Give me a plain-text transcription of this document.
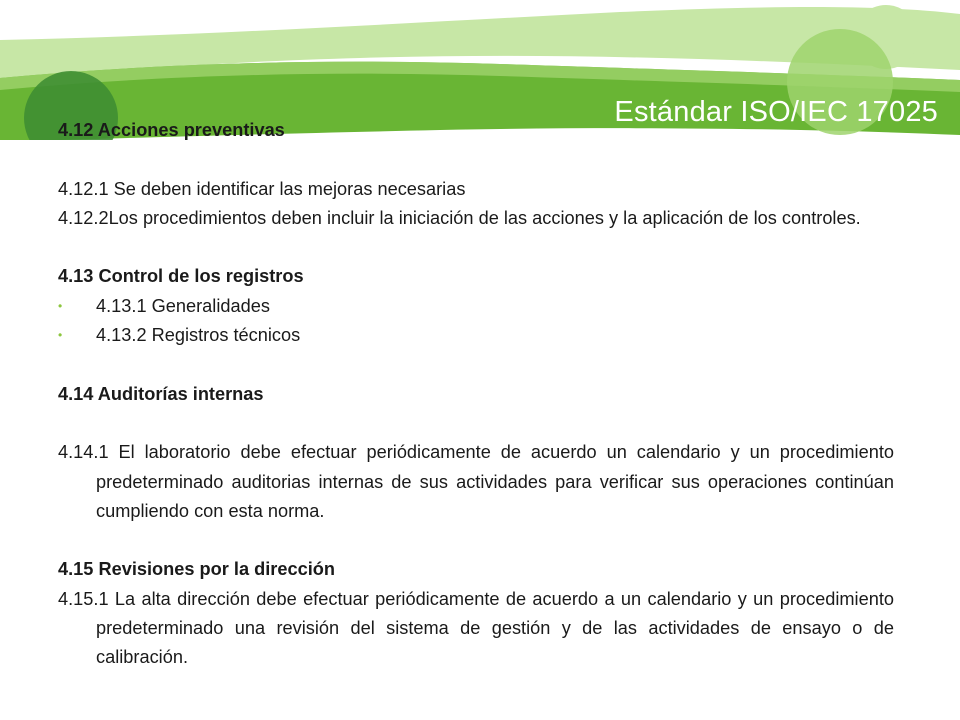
Estándar ISO/IEC 17025
4.12 Acciones preventivas
4.12.1 Se deben identificar las mejoras necesarias
4.12.2Los procedimientos deben incluir la iniciación de las acciones y la aplicación de los controles.
4.13 Control de los registros
•	4.13.1 Generalidades
•	4.13.2 Registros técnicos
4.14 Auditorías internas
4.14.1 El laboratorio debe efectuar periódicamente de acuerdo un calendario y un procedimiento predeterminado auditorias internas de sus actividades para verificar sus operaciones continúan cumpliendo con esta norma.
4.15 Revisiones por la dirección
4.15.1 La alta dirección debe efectuar periódicamente de acuerdo a un calendario y un procedimiento predeterminado una revisión del sistema de gestión y de las actividades de ensayo o de calibración.
